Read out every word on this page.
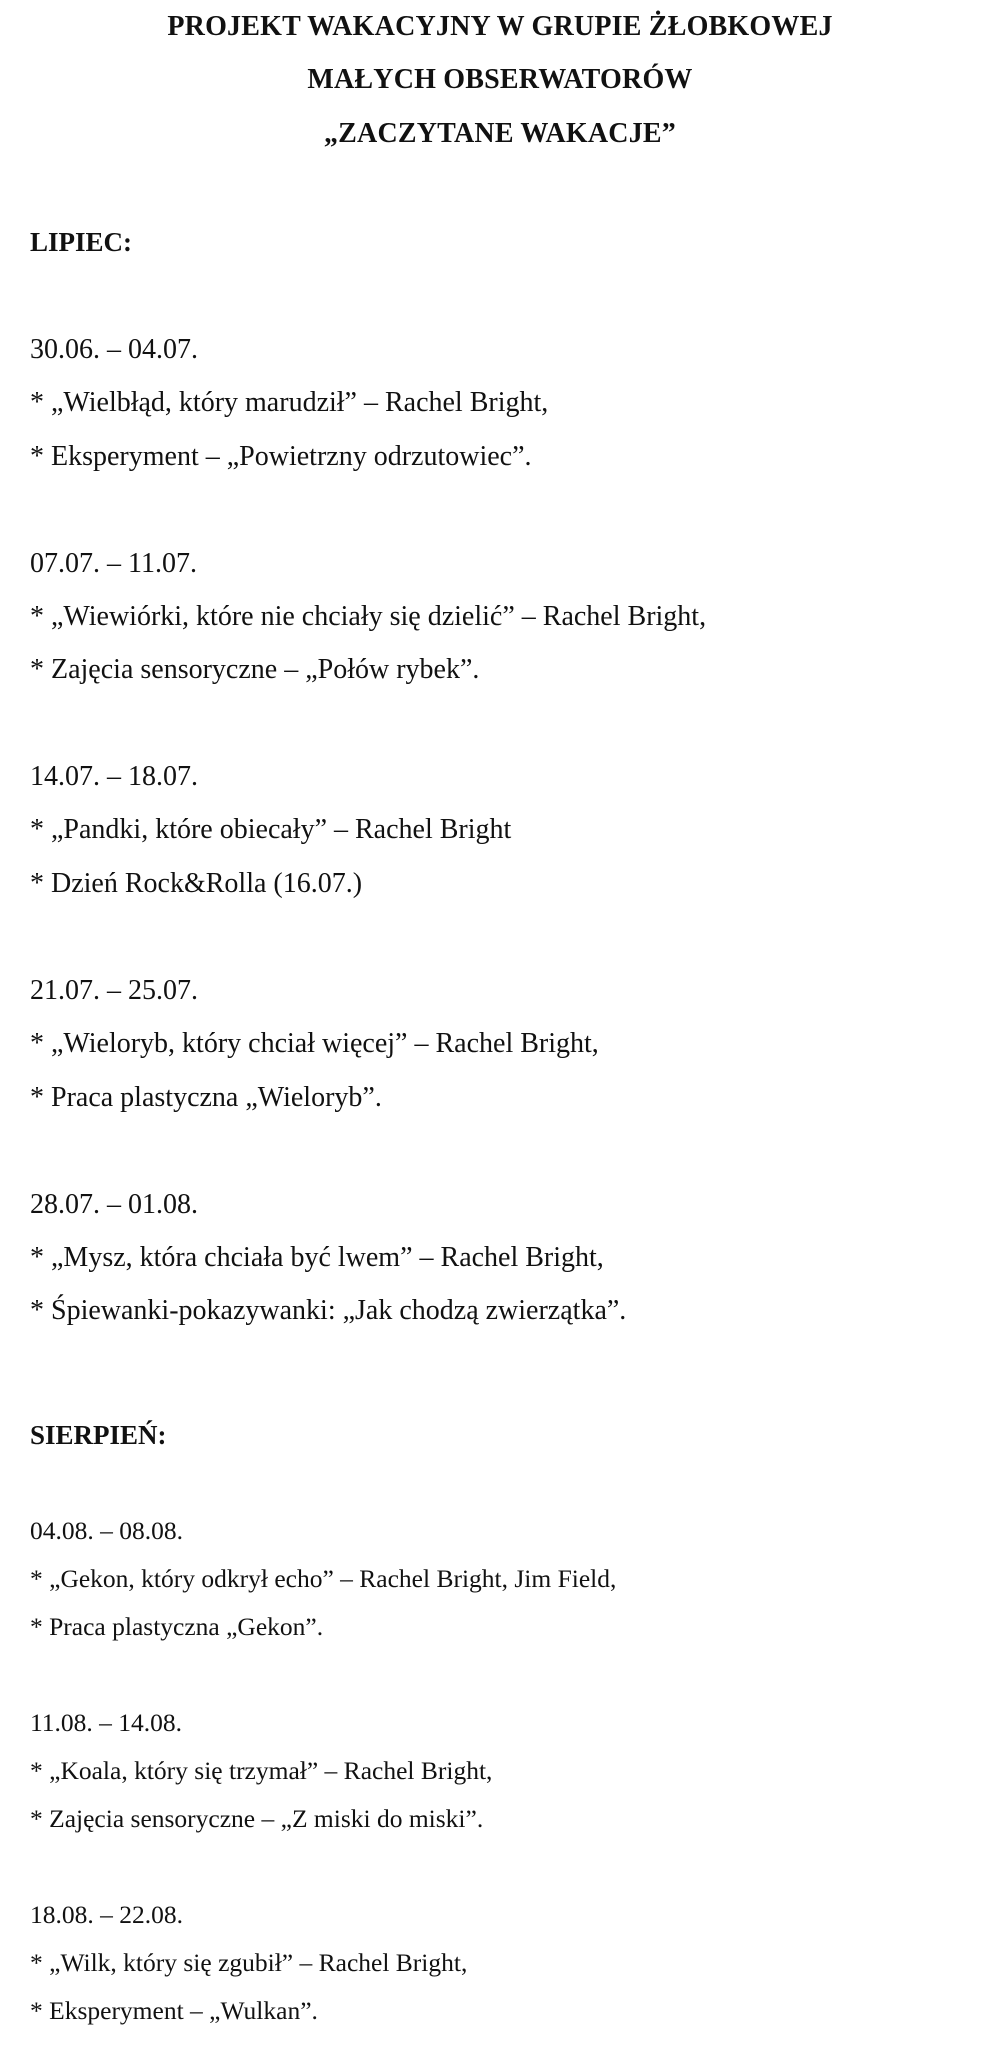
PROJEKT WAKACYJNY W GRUPIE ŻŁOBKOWEJ
MAŁYCH OBSERWATORÓW
„ZACZYTANE WAKACJE”
LIPIEC:
30.06. – 04.07.
* „Wielbłąd, który marudził” – Rachel Bright,
* Eksperyment – „Powietrzny odrzutowiec”.
07.07. – 11.07.
* „Wiewiórki, które nie chciały się dzielić” – Rachel Bright,
* Zajęcia sensoryczne – „Połów rybek”.
14.07. – 18.07.
* „Pandki, które obiecały” – Rachel Bright
* Dzień Rock&Rolla (16.07.)
21.07. – 25.07.
* „Wieloryb, który chciał więcej” – Rachel Bright,
* Praca plastyczna „Wieloryb”.
28.07. – 01.08.
* „Mysz, która chciała być lwem” – Rachel Bright,
* Śpiewanki-pokazywanki: „Jak chodzą zwierzątka”.
SIERPIEŃ:
04.08. – 08.08.
* „Gekon, który odkrył echo” – Rachel Bright, Jim Field,
* Praca plastyczna „Gekon”.
11.08. – 14.08.
* „Koala, który się trzymał” – Rachel Bright,
* Zajęcia sensoryczne – „Z miski do miski”.
18.08. – 22.08.
* „Wilk, który się zgubił” – Rachel Bright,
* Eksperyment – „Wulkan”.
